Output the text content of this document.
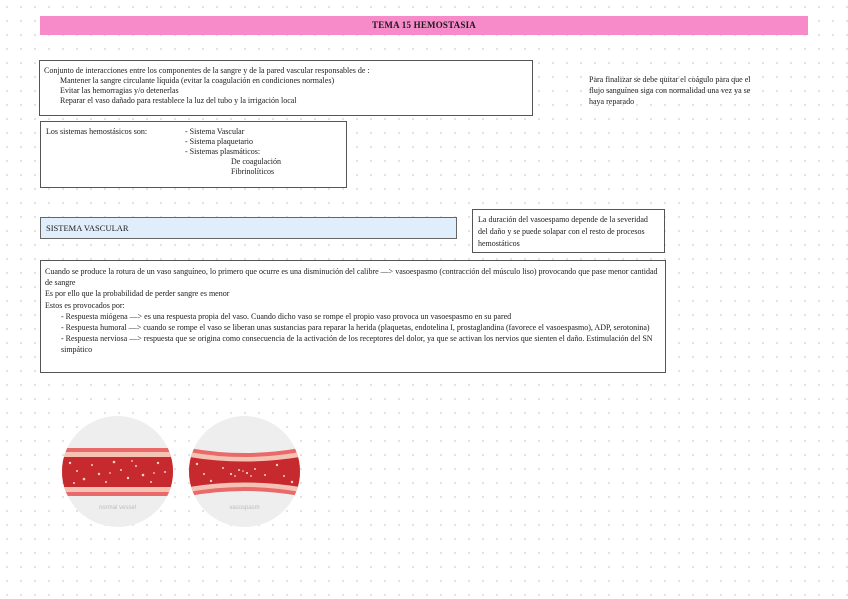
TEMA 15 HEMOSTASIA
Conjunto de interacciones entre los componentes de la sangre y de la pared vascular responsables de :
Mantener la sangre circulante líquida (evitar la coagulación en condiciones normales)
Evitar las hemorragias y/o detenerlas
Reparar el vaso dañado para restablece la luz del tubo y la irrigación local
Para finalizar se debe quitar el coágulo para que el flujo sanguíneo siga con normalidad una vez ya se haya reparado
Los sistemas hemostásicos son:	- Sistema Vascular
- Sistema plaquetario
- Sistemas plasmáticos:
De coagulación
Fibrinolíticos
SISTEMA VASCULAR
La duración del vasoespamo depende de la severidad del daño y se puede solapar con el resto de procesos hemostáticos
Cuando se produce la rotura de un vaso sanguíneo, lo primero que ocurre es una disminución del calibre —> vasoespasmo (contracción del músculo liso) provocando que pase menor cantidad de sangre
Es por ello que la probabilidad de perder sangre es menor
Estos es provocados por:
- Respuesta miógena —> es una respuesta propia del vaso. Cuando dicho vaso se rompe el propio vaso provoca un vasoespasmo en su pared
- Respuesta humoral —> cuando se rompe el vaso se liberan unas sustancias para reparar la herida (plaquetas, endotelina I, prostaglandina (favorece el vasoespasmo), ADP, serotonina)
- Respuesta nerviosa —> respuesta que se origina como consecuencia de la activación de los receptores del dolor, ya que se activan los nervios que sienten el daño. Estimulación del SN simpático
normal vessel	vasospasm
